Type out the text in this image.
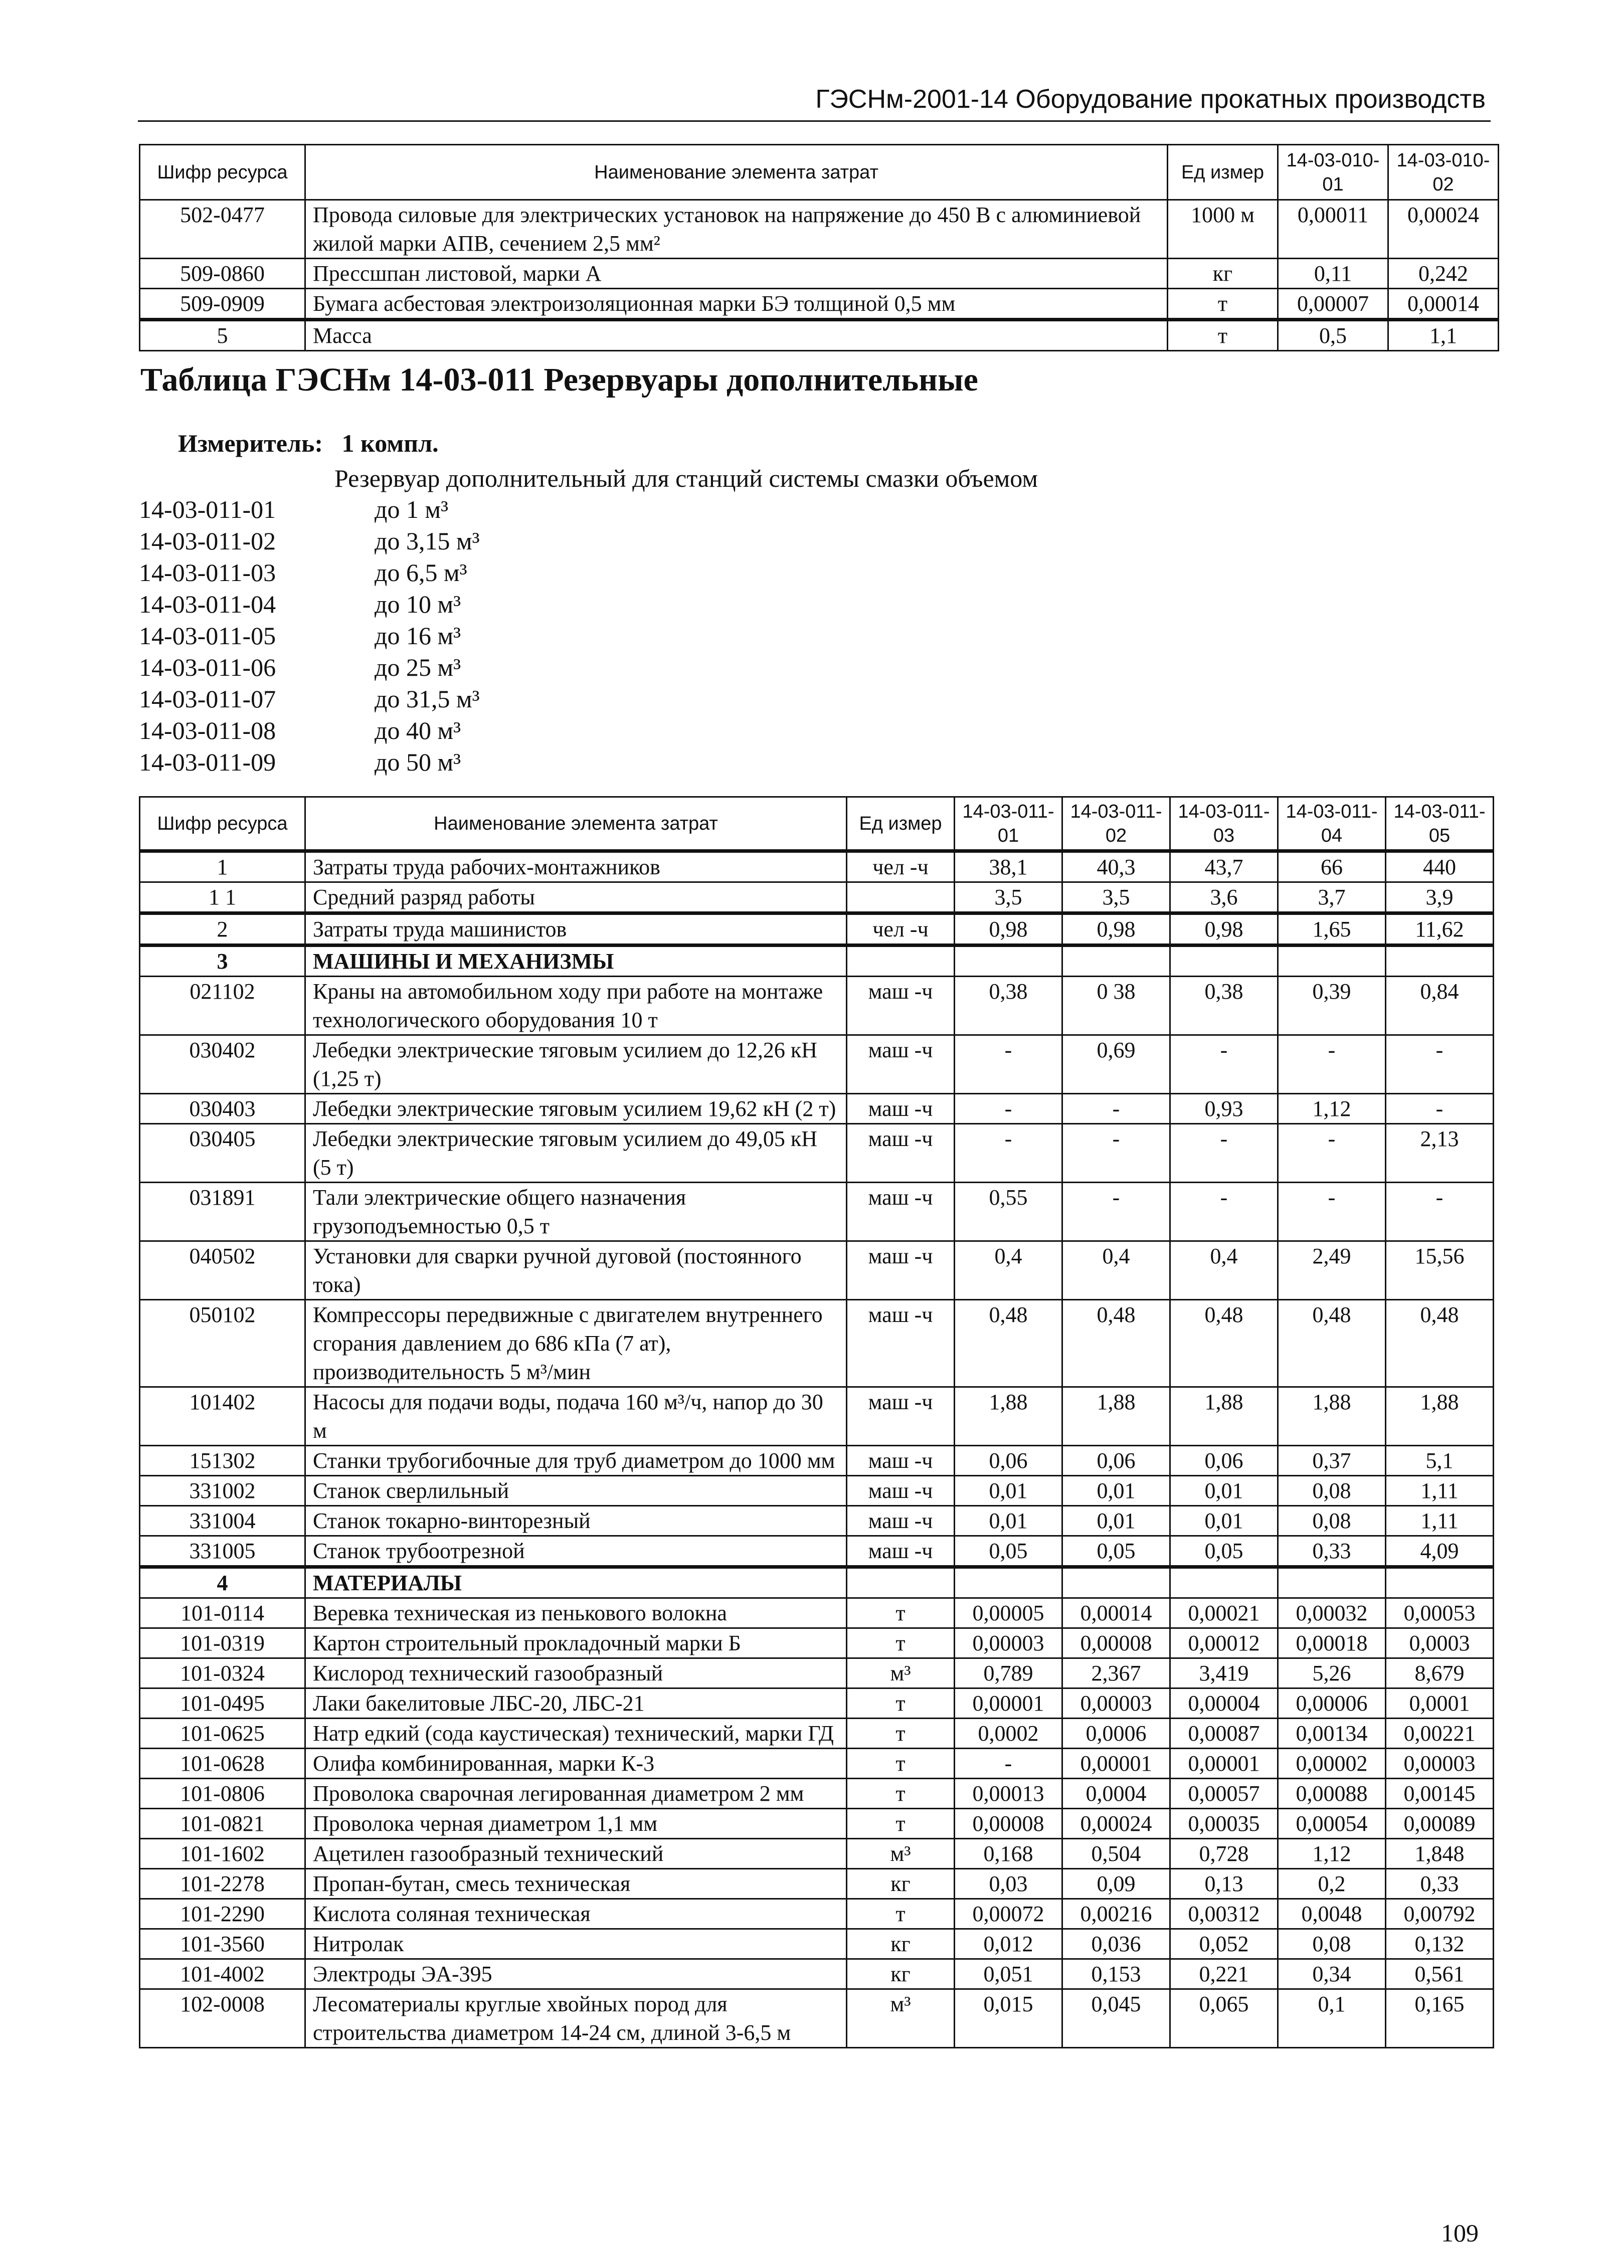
ГЭСНм-2001-14 Оборудование прокатных производств
Шифр ресурса	Наименование элемента затрат	Ед измер	14-03-010-01	14-03-010-02
502-0477	Провода силовые для электрических установок на напряжение до 450 В с алюминиевой жилой марки АПВ, сечением 2,5 мм²	1000 м	0,00011	0,00024
509-0860	Прессшпан листовой, марки А	кг	0,11	0,242
509-0909	Бумага асбестовая электроизоляционная марки БЭ толщиной 0,5 мм	т	0,00007	0,00014
5	Масса	т	0,5	1,1
Таблица ГЭСНм 14-03-011 Резервуары дополнительные
Измеритель: 1 компл.
Резервуар дополнительный для станций системы смазки объемом
14-03-011-01	до 1 м³
14-03-011-02	до 3,15 м³
14-03-011-03	до 6,5 м³
14-03-011-04	до 10 м³
14-03-011-05	до 16 м³
14-03-011-06	до 25 м³
14-03-011-07	до 31,5 м³
14-03-011-08	до 40 м³
14-03-011-09	до 50 м³
Шифр ресурса	Наименование элемента затрат	Ед измер	14-03-011-01	14-03-011-02	14-03-011-03	14-03-011-04	14-03-011-05
1	Затраты труда рабочих-монтажников	чел -ч	38,1	40,3	43,7	66	440
1 1	Средний разряд работы		3,5	3,5	3,6	3,7	3,9
2	Затраты труда машинистов	чел -ч	0,98	0,98	0,98	1,65	11,62
3	МАШИНЫ И МЕХАНИЗМЫ						
021102	Краны на автомобильном ходу при работе на монтаже технологического оборудования 10 т	маш -ч	0,38	0 38	0,38	0,39	0,84
030402	Лебедки электрические тяговым усилием до 12,26 кН (1,25 т)	маш -ч	-	0,69	-	-	-
030403	Лебедки электрические тяговым усилием 19,62 кН (2 т)	маш -ч	-	-	0,93	1,12	-
030405	Лебедки электрические тяговым усилием до 49,05 кН (5 т)	маш -ч	-	-	-	-	2,13
031891	Тали электрические общего назначения грузоподъемностью 0,5 т	маш -ч	0,55	-	-	-	-
040502	Установки для сварки ручной дуговой (постоянного тока)	маш -ч	0,4	0,4	0,4	2,49	15,56
050102	Компрессоры передвижные с двигателем внутреннего сгорания давлением до 686 кПа (7 ат), производительность 5 м³/мин	маш -ч	0,48	0,48	0,48	0,48	0,48
101402	Насосы для подачи воды, подача 160 м³/ч, напор до 30 м	маш -ч	1,88	1,88	1,88	1,88	1,88
151302	Станки трубогибочные для труб диаметром до 1000 мм	маш -ч	0,06	0,06	0,06	0,37	5,1
331002	Станок сверлильный	маш -ч	0,01	0,01	0,01	0,08	1,11
331004	Станок токарно-винторезный	маш -ч	0,01	0,01	0,01	0,08	1,11
331005	Станок трубоотрезной	маш -ч	0,05	0,05	0,05	0,33	4,09
4	МАТЕРИАЛЫ						
101-0114	Веревка техническая из пенькового волокна	т	0,00005	0,00014	0,00021	0,00032	0,00053
101-0319	Картон строительный прокладочный марки Б	т	0,00003	0,00008	0,00012	0,00018	0,0003
101-0324	Кислород технический газообразный	м³	0,789	2,367	3,419	5,26	8,679
101-0495	Лаки бакелитовые ЛБС-20, ЛБС-21	т	0,00001	0,00003	0,00004	0,00006	0,0001
101-0625	Натр едкий (сода каустическая) технический, марки ГД	т	0,0002	0,0006	0,00087	0,00134	0,00221
101-0628	Олифа комбинированная, марки К-3	т	-	0,00001	0,00001	0,00002	0,00003
101-0806	Проволока сварочная легированная диаметром 2 мм	т	0,00013	0,0004	0,00057	0,00088	0,00145
101-0821	Проволока черная диаметром 1,1 мм	т	0,00008	0,00024	0,00035	0,00054	0,00089
101-1602	Ацетилен газообразный технический	м³	0,168	0,504	0,728	1,12	1,848
101-2278	Пропан-бутан, смесь техническая	кг	0,03	0,09	0,13	0,2	0,33
101-2290	Кислота соляная техническая	т	0,00072	0,00216	0,00312	0,0048	0,00792
101-3560	Нитролак	кг	0,012	0,036	0,052	0,08	0,132
101-4002	Электроды ЭА-395	кг	0,051	0,153	0,221	0,34	0,561
102-0008	Лесоматериалы круглые хвойных пород для строительства диаметром 14-24 см, длиной 3-6,5 м	м³	0,015	0,045	0,065	0,1	0,165
109
